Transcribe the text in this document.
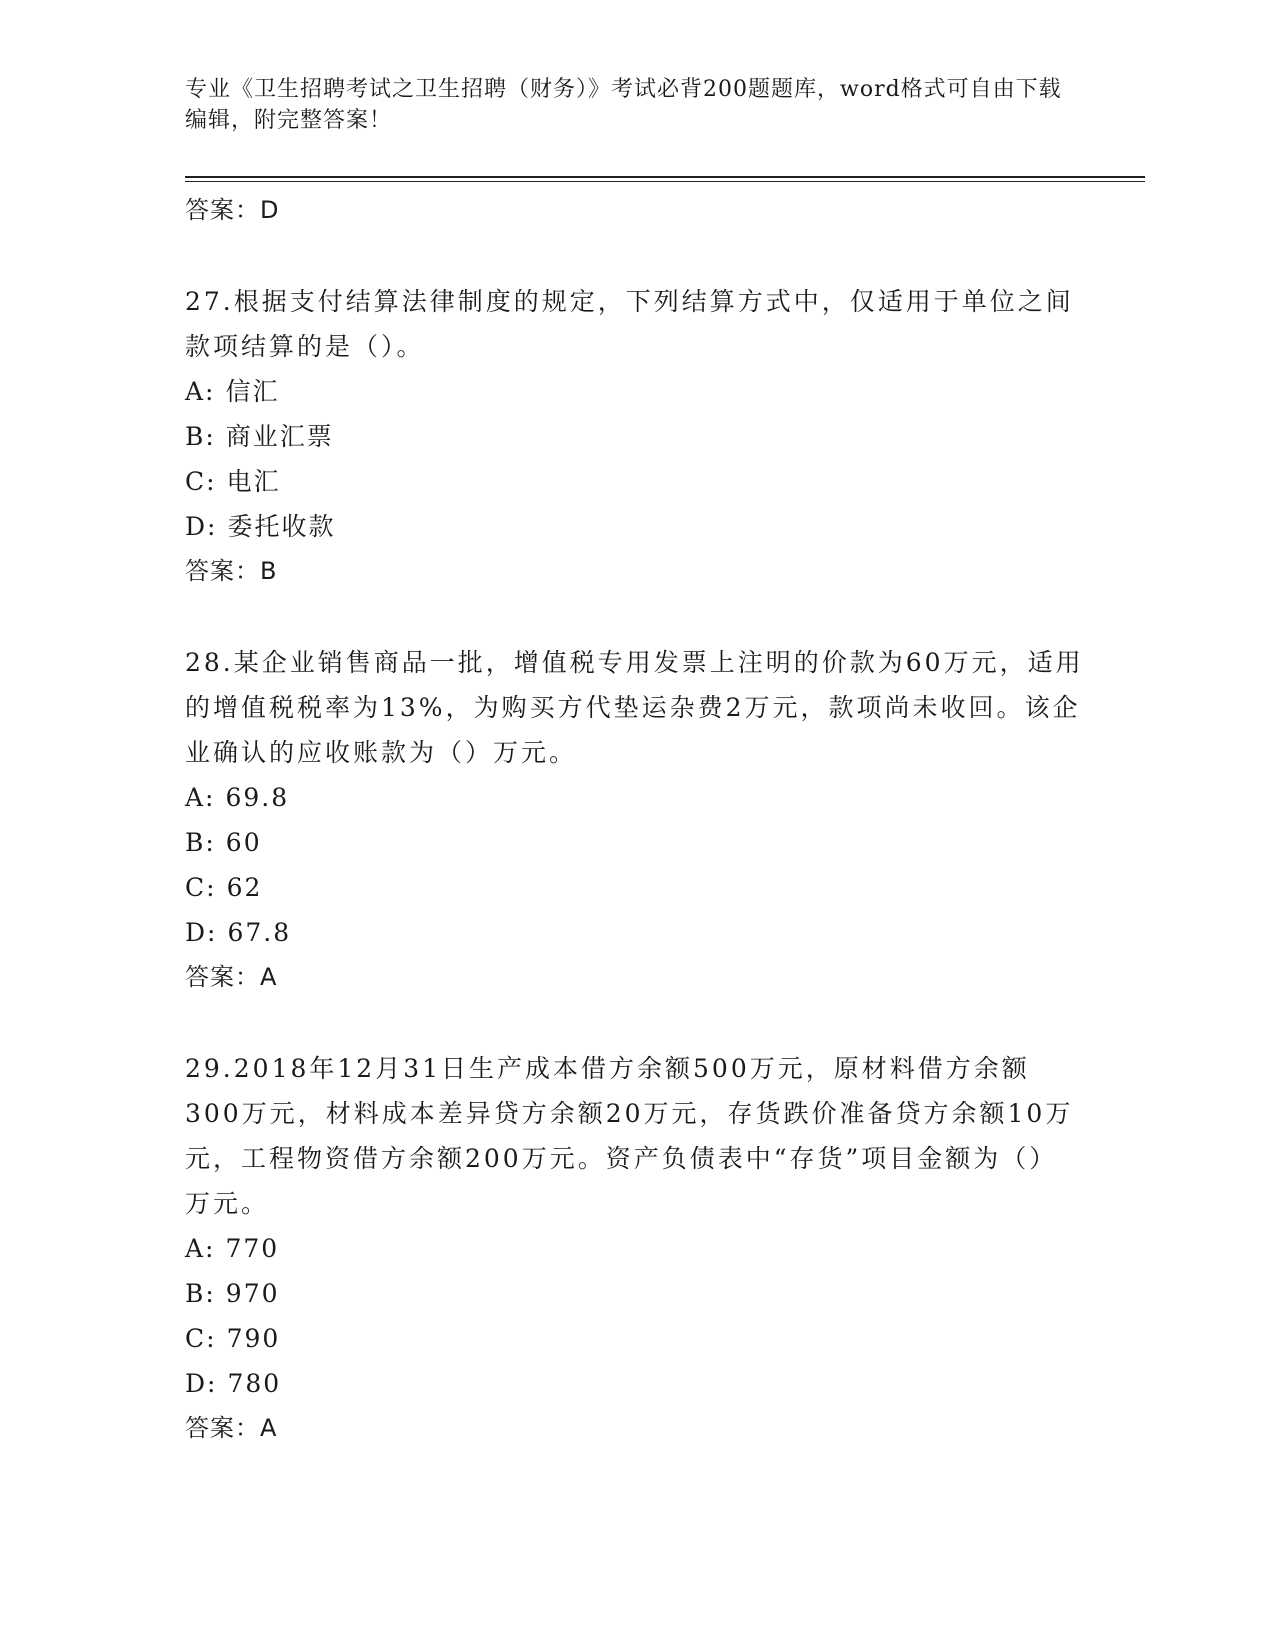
专业《卫生招聘考试之卫生招聘（财务）》考试必背200题题库，word格式可自由下载编辑，附完整答案！
答案：D
27.根据支付结算法律制度的规定，下列结算方式中，仅适用于单位之间款项结算的是（）。
A: 信汇
B: 商业汇票
C: 电汇
D: 委托收款
答案：B
28.某企业销售商品一批，增值税专用发票上注明的价款为60万元，适用的增值税税率为13%，为购买方代垫运杂费2万元，款项尚未收回。该企业确认的应收账款为（）万元。
A: 69.8
B: 60
C: 62
D: 67.8
答案：A
29.2018年12月31日生产成本借方余额500万元，原材料借方余额300万元，材料成本差异贷方余额20万元，存货跌价准备贷方余额10万元，工程物资借方余额200万元。资产负债表中“存货”项目金额为（）万元。
A: 770
B: 970
C: 790
D: 780
答案：A
